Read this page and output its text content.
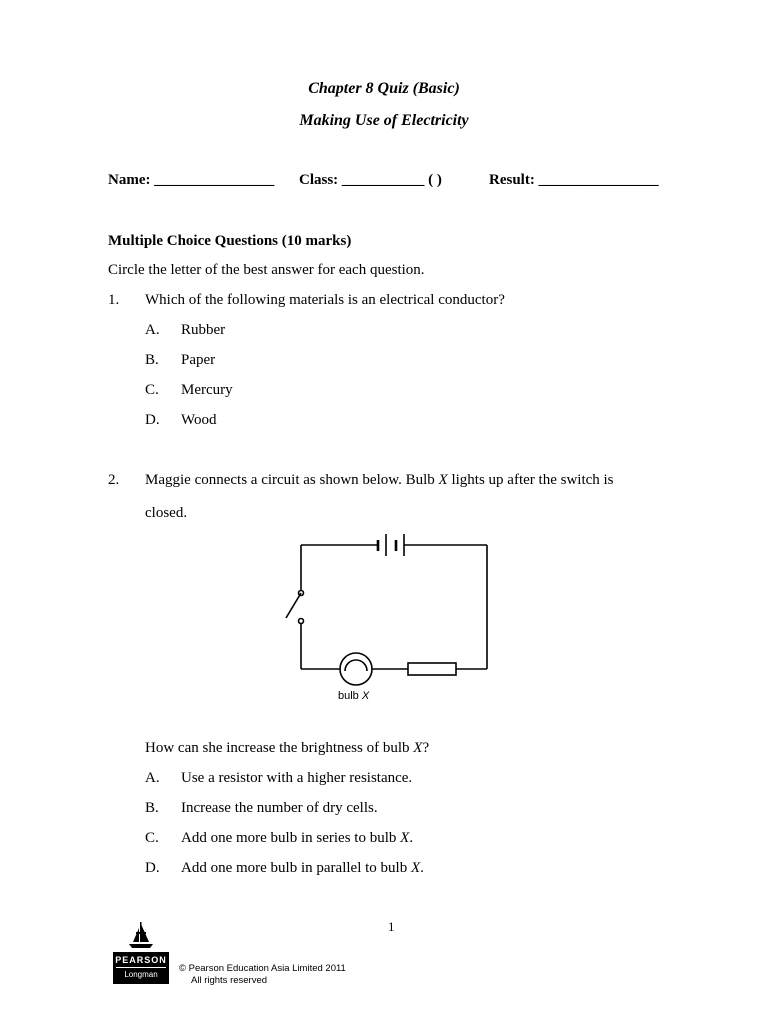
Chapter 8 Quiz (Basic)
Making Use of Electricity
Name: ________________ Class: ___________ ( )	Result: ________________
Multiple Choice Questions (10 marks)
Circle the letter of the best answer for each question.
1. Which of the following materials is an electrical conductor?
A. Rubber
B. Paper
C. Mercury
D. Wood
2. Maggie connects a circuit as shown below. Bulb X lights up after the switch is
closed.
bulb X
How can she increase the brightness of bulb X?
A. Use a resistor with a higher resistance.
B. Increase the number of dry cells.
C. Add one more bulb in series to bulb X.
D. Add one more bulb in parallel to bulb X.
1
PEARSON
Longman
© Pearson Education Asia Limited 2011
All rights reserved
